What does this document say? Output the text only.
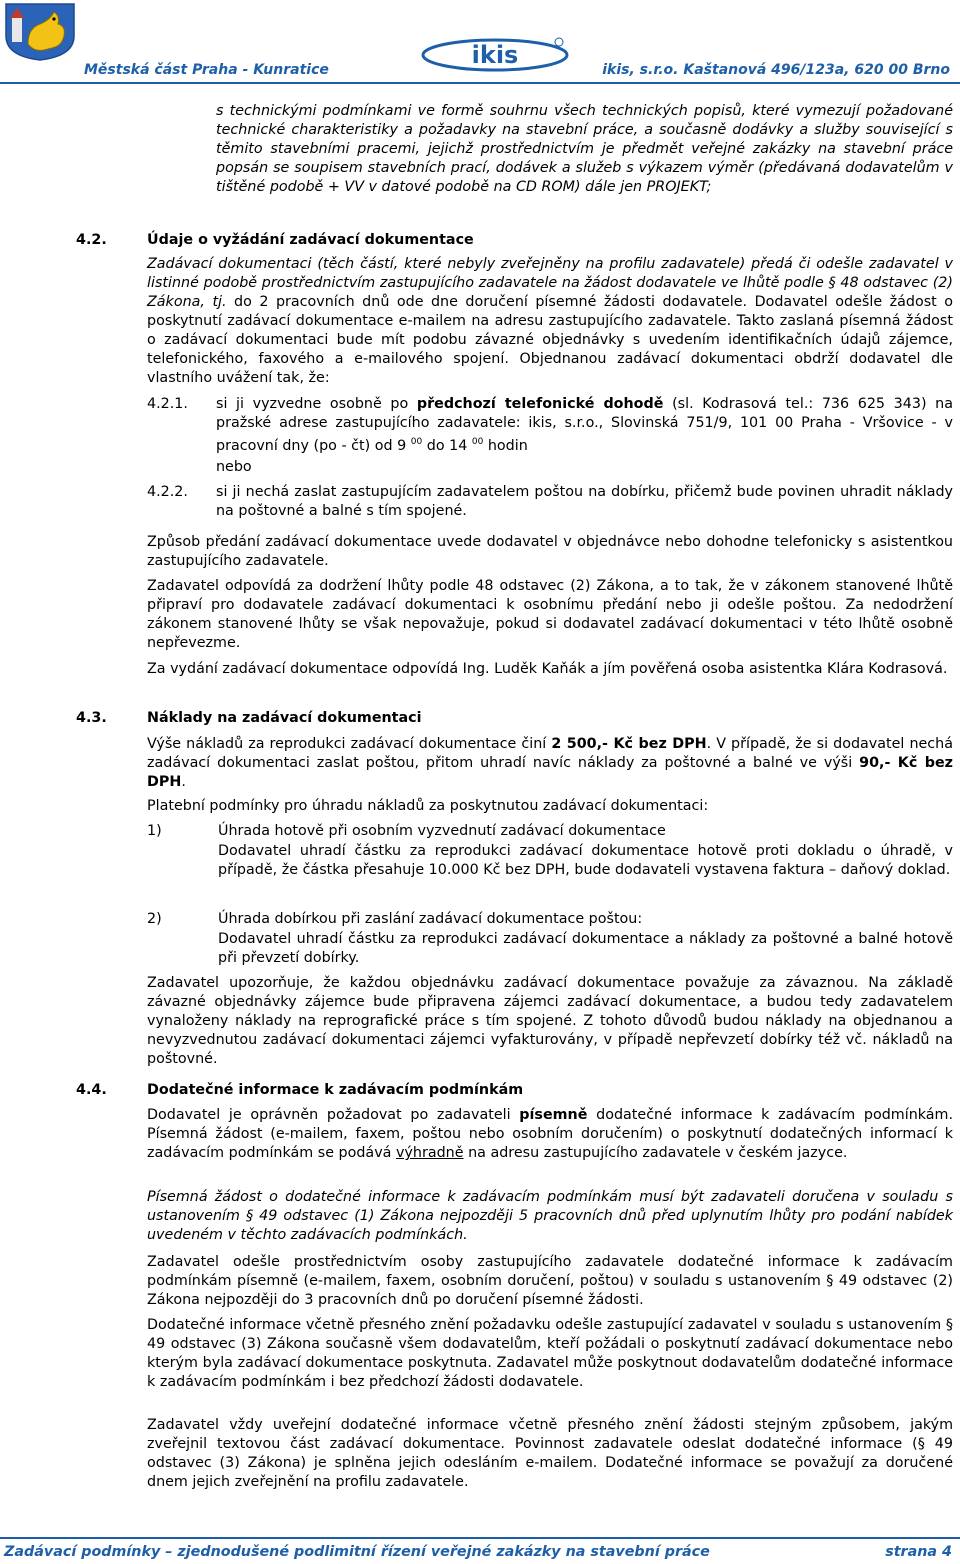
Městská část Praha - Kunratice
ikis
ikis, s.r.o. Kaštanová 496/123a, 620 00 Brno
s technickými podmínkami ve formě souhrnu všech technických popisů, které vymezují požadované technické charakteristiky a požadavky na stavební práce, a současně dodávky a služby související s těmito stavebními pracemi, jejichž prostřednictvím je předmět veřejné zakázky na stavební práce popsán se soupisem stavebních prací, dodávek a služeb s výkazem výměr (předávaná dodavatelům v tištěné podobě + VV v datové podobě na CD ROM) dále jen PROJEKT;
4.2.	Údaje o vyžádání zadávací dokumentace
Zadávací dokumentaci (těch částí, které nebyly zveřejněny na profilu zadavatele) předá či odešle zadavatel v listinné podobě prostřednictvím zastupujícího zadavatele na žádost dodavatele ve lhůtě podle § 48 odstavec (2) Zákona, tj. do 2 pracovních dnů ode dne doručení písemné žádosti dodavatele. Dodavatel odešle žádost o poskytnutí zadávací dokumentace e-mailem na adresu zastupujícího zadavatele. Takto zaslaná písemná žádost o zadávací dokumentaci bude mít podobu závazné objednávky s uvedením identifikačních údajů zájemce, telefonického, faxového a e-mailového spojení. Objednanou zadávací dokumentaci obdrží dodavatel dle vlastního uvážení tak, že:
4.2.1. si ji vyzvedne osobně po předchozí telefonické dohodě (sl. Kodrasová tel.: 736 625 343) na pražské adrese zastupujícího zadavatele: ikis, s.r.o., Slovinská 751/9, 101 00 Praha - Vršovice - v pracovní dny (po - čt) od 9 $^{00}$ do 14 $^{00}$ hodin
nebo
4.2.2. si ji nechá zaslat zastupujícím zadavatelem poštou na dobírku, přičemž bude povinen uhradit náklady na poštovné a balné s tím spojené.
Způsob předání zadávací dokumentace uvede dodavatel v objednávce nebo dohodne telefonicky s asistentkou zastupujícího zadavatele.
Zadavatel odpovídá za dodržení lhůty podle 48 odstavec (2) Zákona, a to tak, že v zákonem stanovené lhůtě připraví pro dodavatele zadávací dokumentaci k osobnímu předání nebo ji odešle poštou. Za nedodržení zákonem stanovené lhůty se však nepovažuje, pokud si dodavatel zadávací dokumentaci v této lhůtě osobně nepřevezme.
Za vydání zadávací dokumentace odpovídá Ing. Luděk Kaňák a jím pověřená osoba asistentka Klára Kodrasová.
4.3.	Náklady na zadávací dokumentaci
Výše nákladů za reprodukci zadávací dokumentace činí 2 500,- Kč bez DPH. V případě, že si dodavatel nechá zadávací dokumentaci zaslat poštou, přitom uhradí navíc náklady za poštovné a balné ve výši 90,- Kč bez DPH.
Platební podmínky pro úhradu nákladů za poskytnutou zadávací dokumentaci:
1)	Úhrada hotově při osobním vyzvednutí zadávací dokumentace
Dodavatel uhradí částku za reprodukci zadávací dokumentace hotově proti dokladu o úhradě, v případě, že částka přesahuje 10.000 Kč bez DPH, bude dodavateli vystavena faktura – daňový doklad.
2)	Úhrada dobírkou při zaslání zadávací dokumentace poštou:
Dodavatel uhradí částku za reprodukci zadávací dokumentace a náklady za poštovné a balné hotově při převzetí dobírky.
Zadavatel upozorňuje, že každou objednávku zadávací dokumentace považuje za závaznou. Na základě závazné objednávky zájemce bude připravena zájemci zadávací dokumentace, a budou tedy zadavatelem vynaloženy náklady na reprografické práce s tím spojené. Z tohoto důvodů budou náklady na objednanou a nevyzvednutou zadávací dokumentaci zájemci vyfakturovány, v případě nepřevzetí dobírky též vč. nákladů na poštovné.
4.4.	Dodatečné informace k zadávacím podmínkám
Dodavatel je oprávněn požadovat po zadavateli písemně dodatečné informace k zadávacím podmínkám. Písemná žádost (e-mailem, faxem, poštou nebo osobním doručením) o poskytnutí dodatečných informací k zadávacím podmínkám se podává výhradně na adresu zastupujícího zadavatele v českém jazyce.
Písemná žádost o dodatečné informace k zadávacím podmínkám musí být zadavateli doručena v souladu s ustanovením § 49 odstavec (1) Zákona nejpozději 5 pracovních dnů před uplynutím lhůty pro podání nabídek uvedeném v těchto zadávacích podmínkách.
Zadavatel odešle prostřednictvím osoby zastupujícího zadavatele dodatečné informace k zadávacím podmínkám písemně (e-mailem, faxem, osobním doručení, poštou) v souladu s ustanovením § 49 odstavec (2) Zákona nejpozději do 3 pracovních dnů po doručení písemné žádosti.
Dodatečné informace včetně přesného znění požadavku odešle zastupující zadavatel v souladu s ustanovením § 49 odstavec (3) Zákona současně všem dodavatelům, kteří požádali o poskytnutí zadávací dokumentace nebo kterým byla zadávací dokumentace poskytnuta. Zadavatel může poskytnout dodavatelům dodatečné informace k zadávacím podmínkám i bez předchozí žádosti dodavatele.
Zadavatel vždy uveřejní dodatečné informace včetně přesného znění žádosti stejným způsobem, jakým zveřejnil textovou část zadávací dokumentace. Povinnost zadavatele odeslat dodatečné informace (§ 49 odstavec (3) Zákona) je splněna jejich odesláním e-mailem. Dodatečné informace se považují za doručené dnem jejich zveřejnění na profilu zadavatele.
Zadávací podmínky – zjednodušené podlimitní řízení veřejné zakázky na stavební práce	strana 4
